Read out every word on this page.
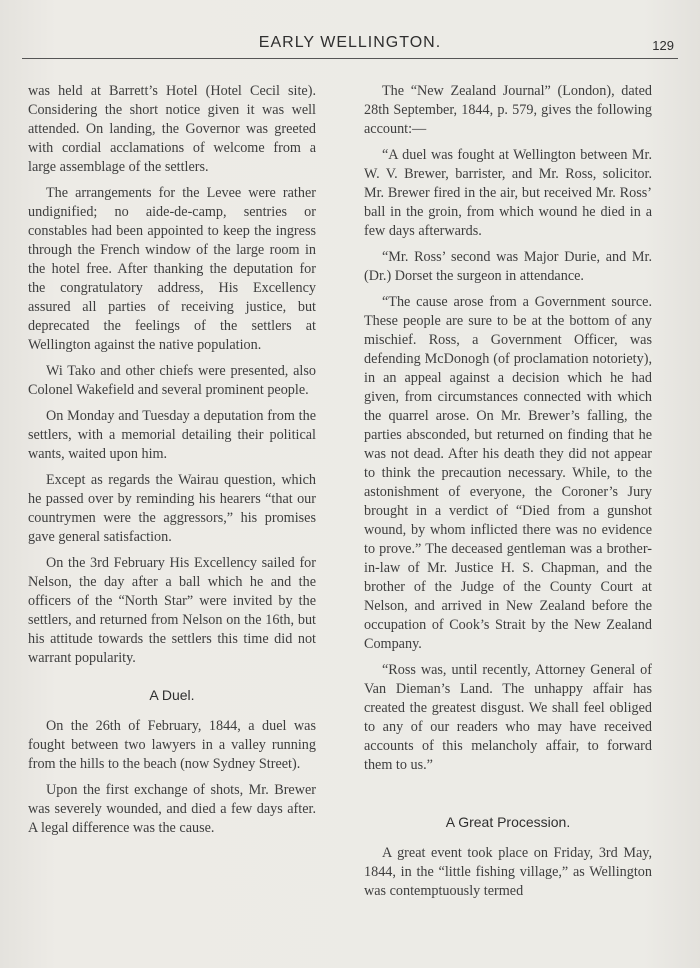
EARLY WELLINGTON.	129

was held at Barrett’s Hotel (Hotel Cecil site). Considering the short notice given it was well attended. On landing, the Governor was greeted with cordial acclamations of welcome from a large assemblage of the settlers.

The arrangements for the Levee were rather undignified; no aide-de-camp, sentries or constables had been appointed to keep the ingress through the French window of the large room in the hotel free. After thanking the deputation for the congratulatory address, His Excellency assured all parties of receiving justice, but deprecated the feelings of the settlers at Wellington against the native population.

Wi Tako and other chiefs were presented, also Colonel Wakefield and several prominent people.

On Monday and Tuesday a deputation from the settlers, with a memorial detailing their political wants, waited upon him.

Except as regards the Wairau question, which he passed over by reminding his hearers “that our countrymen were the aggressors,” his promises gave general satisfaction.

On the 3rd February His Excellency sailed for Nelson, the day after a ball which he and the officers of the “North Star” were invited by the settlers, and returned from Nelson on the 16th, but his attitude towards the settlers this time did not warrant popularity.

A Duel.

On the 26th of February, 1844, a duel was fought between two lawyers in a valley running from the hills to the beach (now Sydney Street).

Upon the first exchange of shots, Mr. Brewer was severely wounded, and died a few days after. A legal difference was the cause.

The “New Zealand Journal” (London), dated 28th September, 1844, p. 579, gives the following account:—

“A duel was fought at Wellington between Mr. W. V. Brewer, barrister, and Mr. Ross, solicitor. Mr. Brewer fired in the air, but received Mr. Ross’ ball in the groin, from which wound he died in a few days afterwards.

“Mr. Ross’ second was Major Durie, and Mr. (Dr.) Dorset the surgeon in attendance.

“The cause arose from a Government source. These people are sure to be at the bottom of any mischief. Ross, a Government Officer, was defending McDonogh (of proclamation notoriety), in an appeal against a decision which he had given, from circumstances connected with which the quarrel arose. On Mr. Brewer’s falling, the parties absconded, but returned on finding that he was not dead. After his death they did not appear to think the precaution necessary. While, to the astonishment of everyone, the Coroner’s Jury brought in a verdict of “Died from a gunshot wound, by whom inflicted there was no evidence to prove.” The deceased gentleman was a brother-in-law of Mr. Justice H. S. Chapman, and the brother of the Judge of the County Court at Nelson, and arrived in New Zealand before the occupation of Cook’s Strait by the New Zealand Company.

“Ross was, until recently, Attorney General of Van Dieman’s Land. The unhappy affair has created the greatest disgust. We shall feel obliged to any of our readers who may have received accounts of this melancholy affair, to forward them to us.”

A Great Procession.

A great event took place on Friday, 3rd May, 1844, in the “little fishing village,” as Wellington was contemptuously termed
